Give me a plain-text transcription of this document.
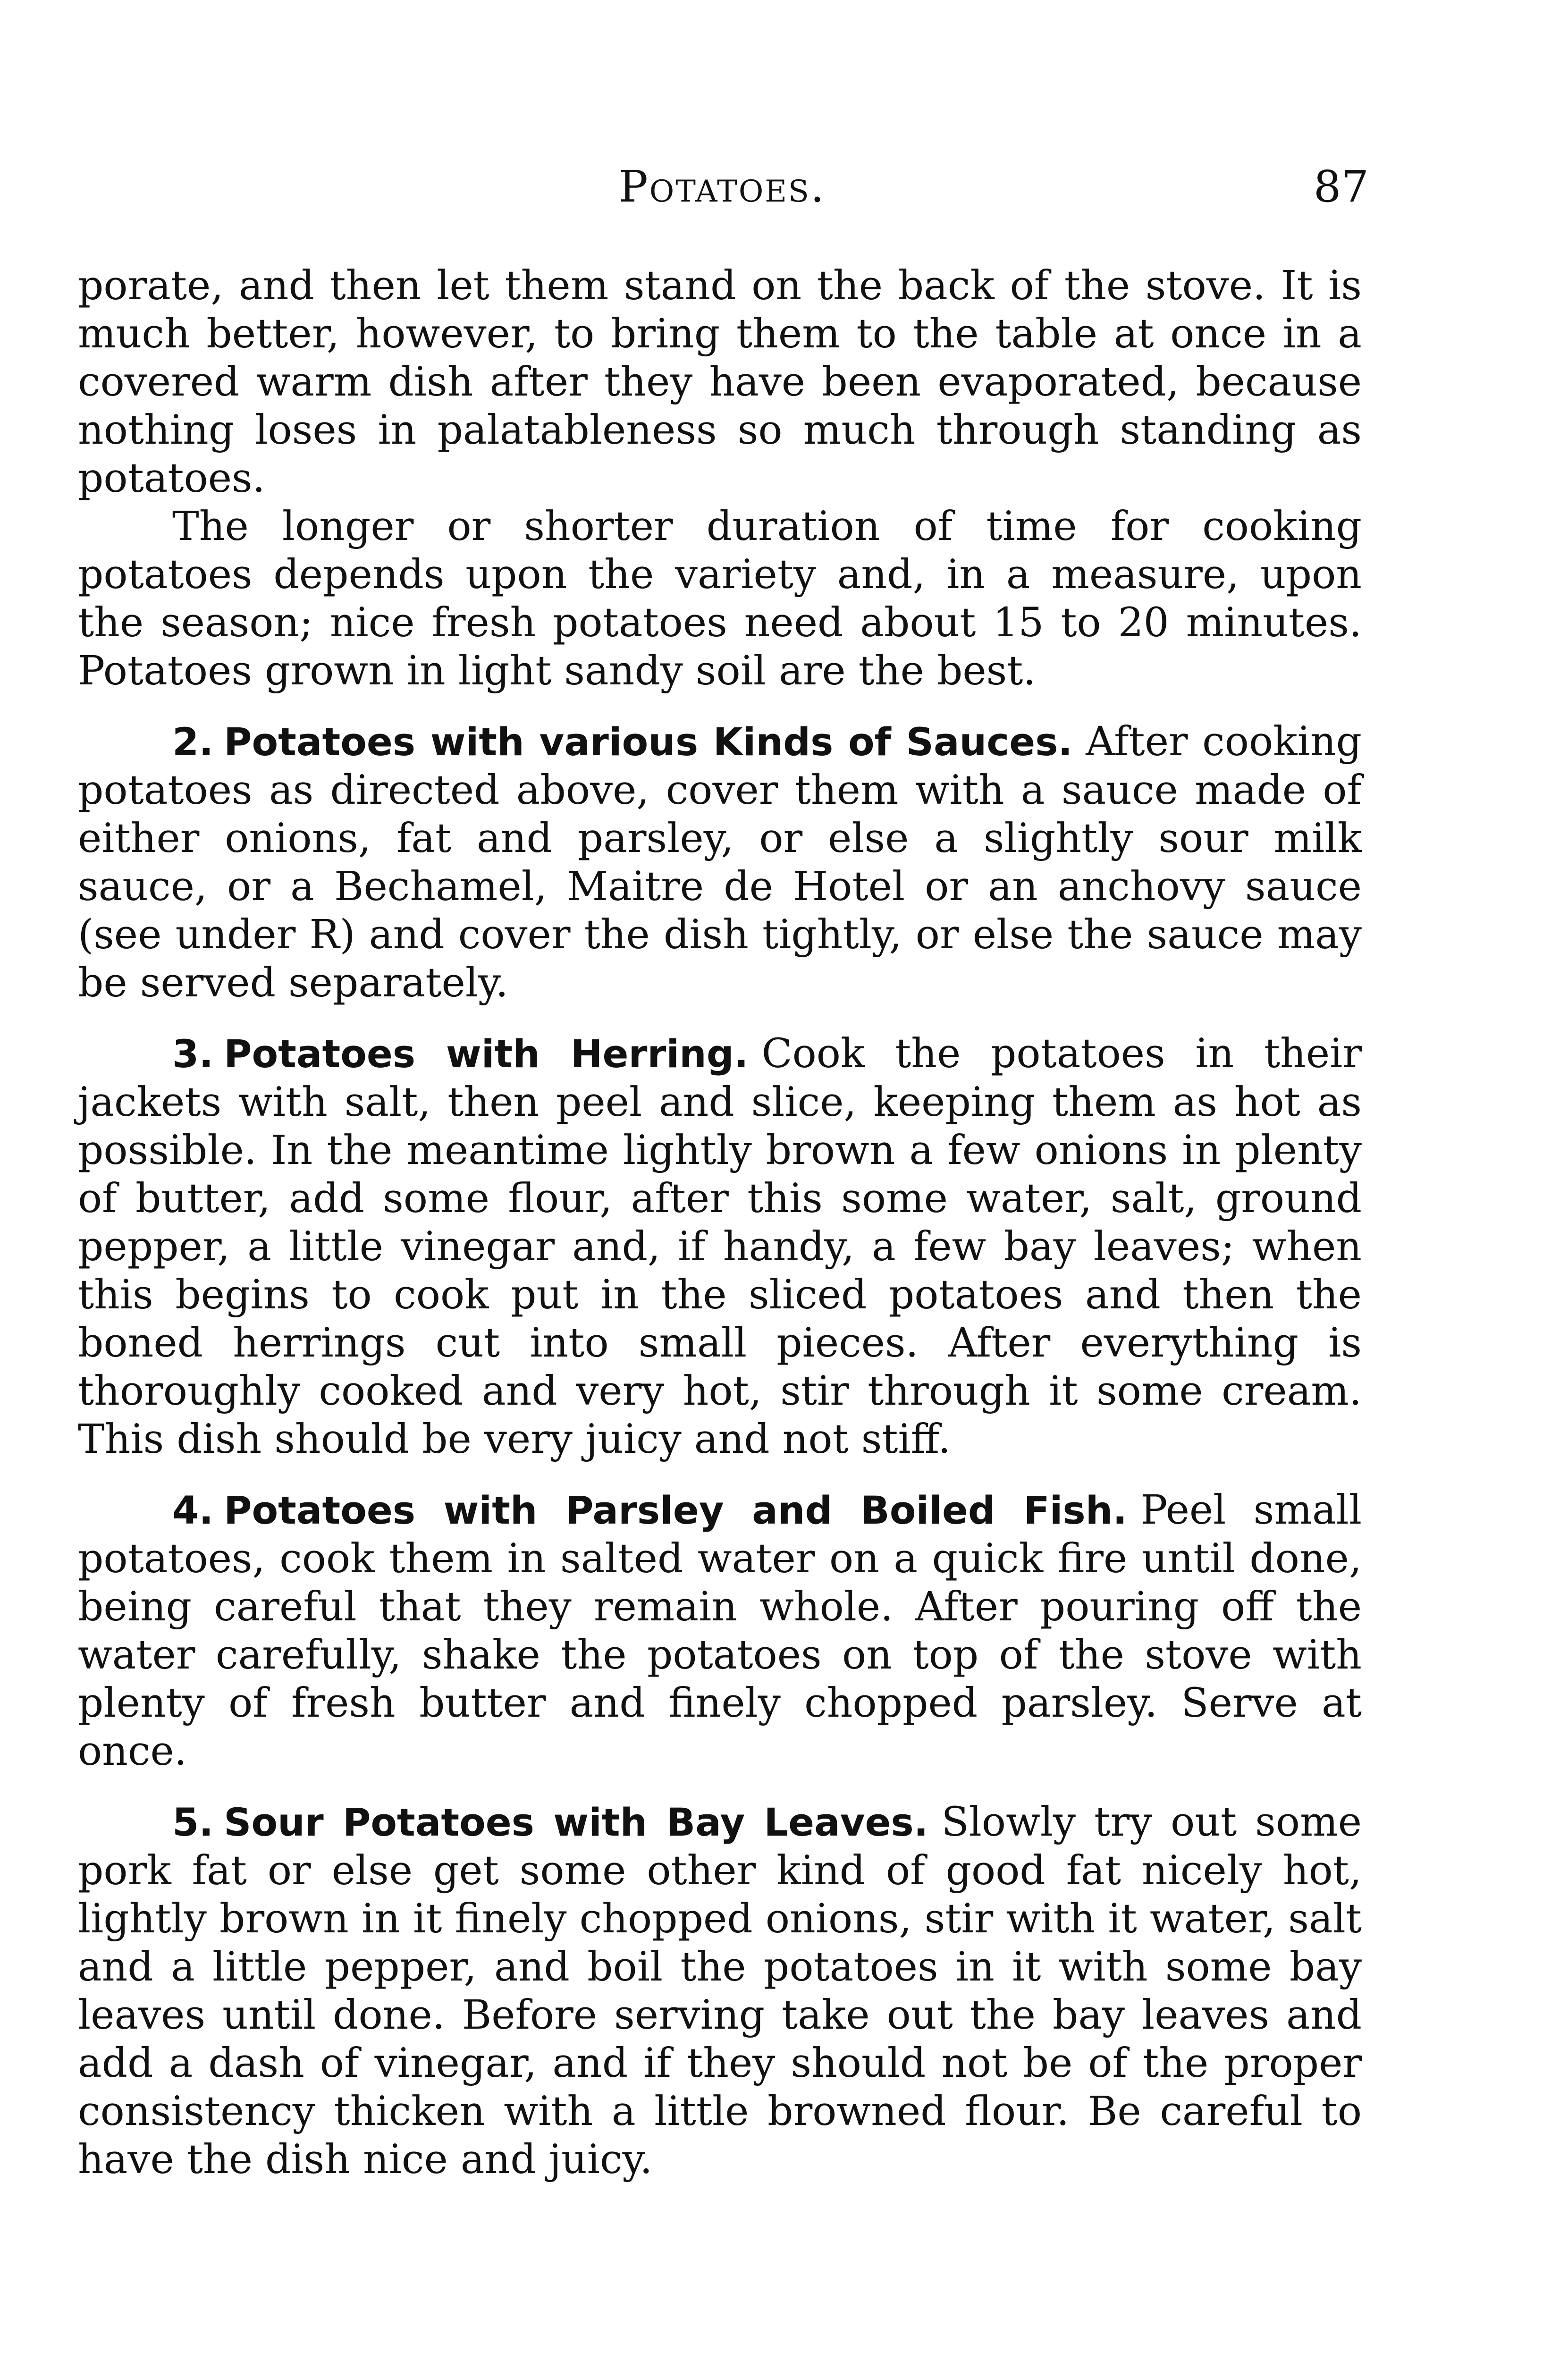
Potatoes.	87

porate, and then let them stand on the back of the stove. It is much better, however, to bring them to the table at once in a covered warm dish after they have been evaporated, because nothing loses in palatableness so much through standing as potatoes.

The longer or shorter duration of time for cooking potatoes depends upon the variety and, in a measure, upon the season; nice fresh potatoes need about 15 to 20 minutes. Potatoes grown in light sandy soil are the best.

2. Potatoes with various Kinds of Sauces. After cooking potatoes as directed above, cover them with a sauce made of either onions, fat and parsley, or else a slightly sour milk sauce, or a Bechamel, Maitre de Hotel or an anchovy sauce (see under R) and cover the dish tightly, or else the sauce may be served separately.

3. Potatoes with Herring. Cook the potatoes in their jackets with salt, then peel and slice, keeping them as hot as possible. In the meantime lightly brown a few onions in plenty of butter, add some flour, after this some water, salt, ground pepper, a little vinegar and, if handy, a few bay leaves; when this begins to cook put in the sliced potatoes and then the boned herrings cut into small pieces. After everything is thoroughly cooked and very hot, stir through it some cream. This dish should be very juicy and not stiff.

4. Potatoes with Parsley and Boiled Fish. Peel small potatoes, cook them in salted water on a quick fire until done, being careful that they remain whole. After pouring off the water carefully, shake the potatoes on top of the stove with plenty of fresh butter and finely chopped parsley. Serve at once.

5. Sour Potatoes with Bay Leaves. Slowly try out some pork fat or else get some other kind of good fat nicely hot, lightly brown in it finely chopped onions, stir with it water, salt and a little pepper, and boil the potatoes in it with some bay leaves until done. Before serving take out the bay leaves and add a dash of vinegar, and if they should not be of the proper consistency thicken with a little browned flour. Be careful to have the dish nice and juicy.
